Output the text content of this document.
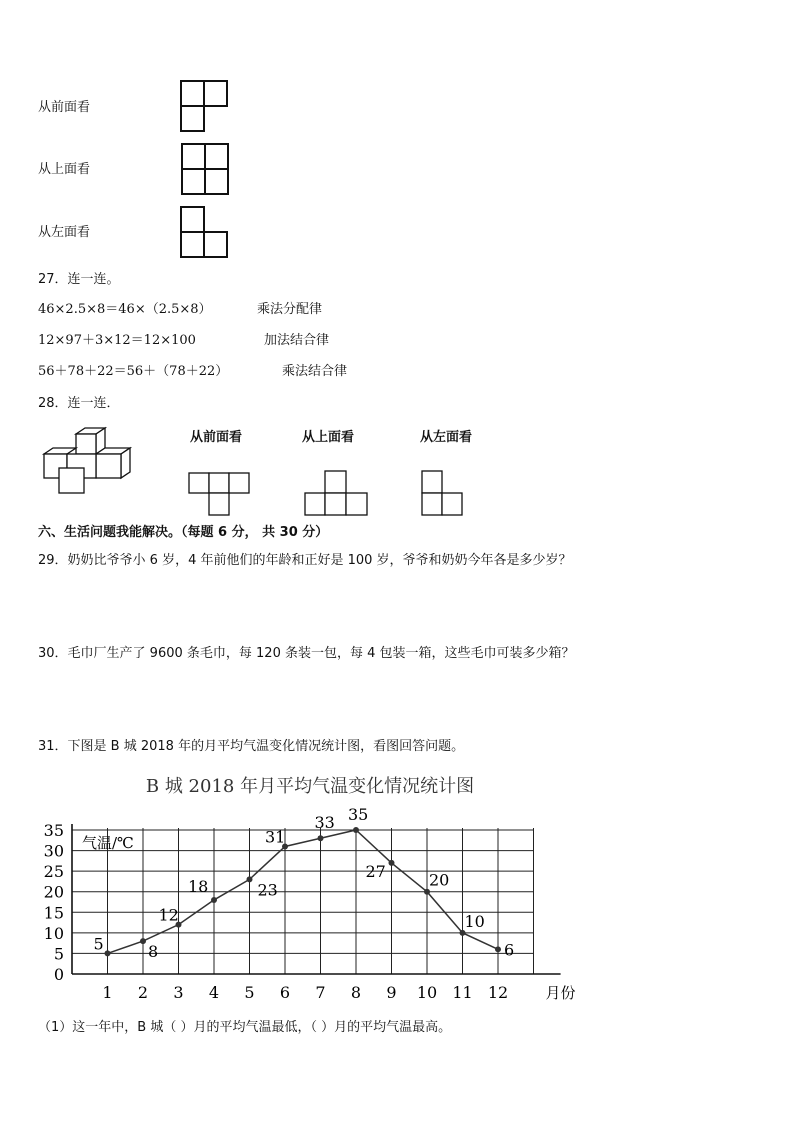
从前面看
从上面看
从左面看
27．连一连。
46×2.5×8＝46×（2.5×8）	乘法分配律
12×97＋3×12＝12×100	加法结合律
56＋78＋22＝56＋（78＋22）	乘法结合律
28．连一连．
从前面看	从上面看	从左面看
六、生活问题我能解决。（每题 6 分， 共 30 分）
29．奶奶比爷爷小 6 岁，4 年前他们的年龄和正好是 100 岁，爷爷和奶奶今年各是多少岁？
30．毛巾厂生产了 9600 条毛巾，每 120 条装一包，每 4 包装一箱，这些毛巾可装多少箱？
31．下图是 B 城 2018 年的月平均气温变化情况统计图，看图回答问题。
B 城 2018 年月平均气温变化情况统计图
0
5
10
15
20
25
30
35
气温/℃
1 2 3 4 5 6 7 8 9 10 11 12 月份
5	8
12
18	23
31
33 35
27	20
10
6
（1）这一年中，B 城（ ）月的平均气温最低，（ ）月的平均气温最高。
